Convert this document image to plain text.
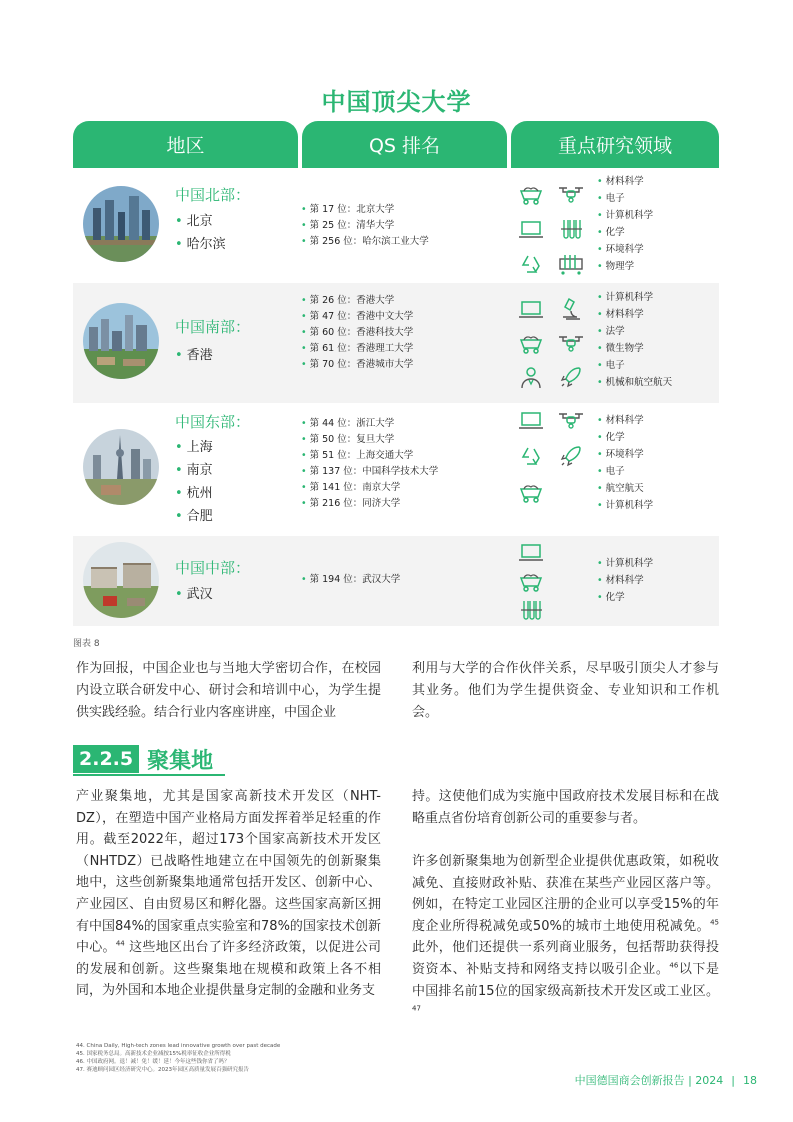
中国顶尖大学
地区	QS 排名	重点研究领域
中国北部：
• 北京
• 哈尔滨
• 第 17 位：北京大学
• 第 25 位：清华大学
• 第 256 位：哈尔滨工业大学
• 材料科学
• 电子
• 计算机科学
• 化学
• 环境科学
• 物理学
中国南部：
• 香港
• 第 26 位：香港大学
• 第 47 位：香港中文大学
• 第 60 位：香港科技大学
• 第 61 位：香港理工大学
• 第 70 位：香港城市大学
• 计算机科学
• 材料科学
• 法学
• 微生物学
• 电子
• 机械和航空航天
中国东部：
• 上海
• 南京
• 杭州
• 合肥
• 第 44 位：浙江大学
• 第 50 位：复旦大学
• 第 51 位：上海交通大学
• 第 137 位：中国科学技术大学
• 第 141 位：南京大学
• 第 216 位：同济大学
• 材料科学
• 化学
• 环境科学
• 电子
• 航空航天
• 计算机科学
中国中部：
• 武汉
• 第 194 位：武汉大学
• 计算机科学
• 材料科学
• 化学
图表 8

作为回报，中国企业也与当地大学密切合作，在校园内设立联合研发中心、研讨会和培训中心，为学生提供实践经验。结合行业内客座讲座，中国企业

利用与大学的合作伙伴关系，尽早吸引顶尖人才参与其业务。他们为学生提供资金、专业知识和工作机会。

2.2.5 聚集地

产业聚集地，尤其是国家高新技术开发区（NHT-DZ），在塑造中国产业格局方面发挥着举足轻重的作用。截至2022年，超过173个国家高新技术开发区（NHTDZ）已战略性地建立在中国领先的创新聚集地中，这些创新聚集地通常包括开发区、创新中心、产业园区、自由贸易区和孵化器。这些国家高新区拥有中国84%的国家重点实验室和78%的国家技术创新中心。$^{44}$ 这些地区出台了许多经济政策，以促进公司的发展和创新。这些聚集地在规模和政策上各不相同，为外国和本地企业提供量身定制的金融和业务支

持。这使他们成为实施中国政府技术发展目标和在战略重点省份培育创新公司的重要参与者。

许多创新聚集地为创新型企业提供优惠政策，如税收减免、直接财政补贴、获准在某些产业园区落户等。例如，在特定工业园区注册的企业可以享受15%的年度企业所得税减免或50%的城市土地使用税减免。$^{45}$ 此外，他们还提供一系列商业服务，包括帮助获得投资资本、补贴支持和网络支持以吸引企业。$^{46}$以下是中国排名前15位的国家级高新技术开发区或工业区。$^{47}$

44. China Daily, High-tech zones lead innovative growth over past decade
45. 国家税务总局。高新技术企业减按15%税率征收企业所得税
46. 中国政府网。退！减！免！缓！延！今年这些钱你省了吗？
47. 赛迪顾问园区经济研究中心。2023年园区高质量发展百强研究报告
中国德国商会创新报告 | 2024 | 18
